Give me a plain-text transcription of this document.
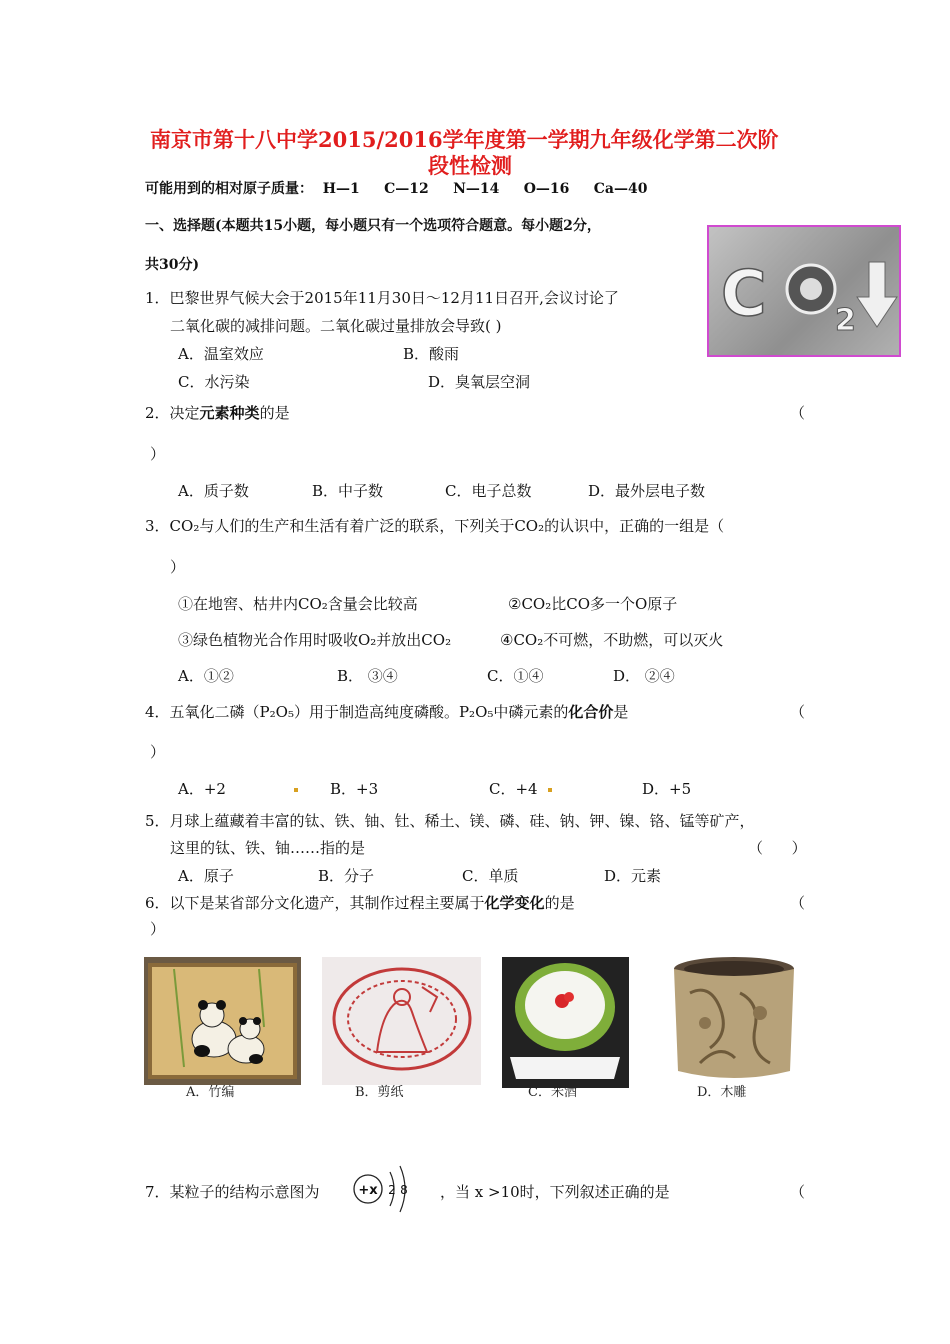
南京市第十八中学2015/2016学年度第一学期九年级化学第二次阶
段性检测
可能用到的相对原子质量：  H—1     C—12     N—14     O—16     Ca—40
一、选择题(本题共15小题，每小题只有一个选项符合题意。每小题2分，
共30分)	C 2
1．巴黎世界气候大会于2015年11月30日～12月11日召开,会议讨论了
二氧化碳的减排问题。二氧化碳过量排放会导致( )
A．温室效应	B．酸雨
C．水污染	D．臭氧层空洞
2．决定元素种类的是	（
）
A．质子数	B．中子数	C．电子总数	D．最外层电子数
3．CO₂与人们的生产和生活有着广泛的联系，下列关于CO₂的认识中，正确的一组是（
）
①在地窖、枯井内CO₂含量会比较高	②CO₂比CO多一个O原子
③绿色植物光合作用时吸收O₂并放出CO₂	④CO₂不可燃，不助燃，可以灭火
A．①②	B． ③④	C．①④	D． ②④
4．五氧化二磷（P₂O₅）用于制造高纯度磷酸。P₂O₅中磷元素的化合价是	（
）
A．+2	B．+3	C．+4	D．+5
5．月球上蕴藏着丰富的钛、铁、铀、钍、稀土、镁、磷、硅、钠、钾、镍、铬、锰等矿产，
这里的钛、铁、铀……指的是	（      ）
A．原子	B．分子	C．单质	D．元素
6．以下是某省部分文化遗产，其制作过程主要属于化学变化的是	（
）
A．竹编	B．剪纸	C．米酒	D．木雕
7．某粒子的结构示意图为	+x 2 8 ，当 x >10时，下列叙述正确的是	（
